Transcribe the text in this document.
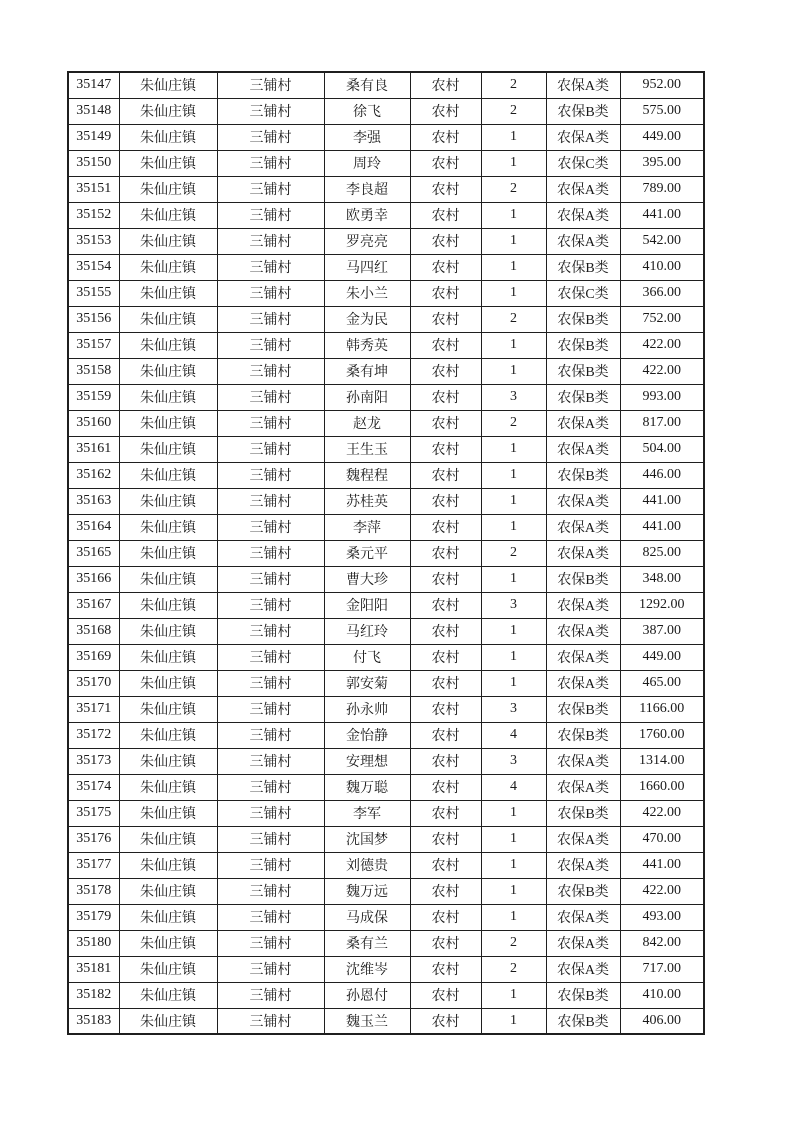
35147	朱仙庄镇	三铺村	桑有良	农村	2	农保A类	952.00
35148	朱仙庄镇	三铺村	徐飞	农村	2	农保B类	575.00
35149	朱仙庄镇	三铺村	李强	农村	1	农保A类	449.00
35150	朱仙庄镇	三铺村	周玲	农村	1	农保C类	395.00
35151	朱仙庄镇	三铺村	李良超	农村	2	农保A类	789.00
35152	朱仙庄镇	三铺村	欧勇幸	农村	1	农保A类	441.00
35153	朱仙庄镇	三铺村	罗亮亮	农村	1	农保A类	542.00
35154	朱仙庄镇	三铺村	马四红	农村	1	农保B类	410.00
35155	朱仙庄镇	三铺村	朱小兰	农村	1	农保C类	366.00
35156	朱仙庄镇	三铺村	金为民	农村	2	农保B类	752.00
35157	朱仙庄镇	三铺村	韩秀英	农村	1	农保B类	422.00
35158	朱仙庄镇	三铺村	桑有坤	农村	1	农保B类	422.00
35159	朱仙庄镇	三铺村	孙南阳	农村	3	农保B类	993.00
35160	朱仙庄镇	三铺村	赵龙	农村	2	农保A类	817.00
35161	朱仙庄镇	三铺村	王生玉	农村	1	农保A类	504.00
35162	朱仙庄镇	三铺村	魏程程	农村	1	农保B类	446.00
35163	朱仙庄镇	三铺村	苏桂英	农村	1	农保A类	441.00
35164	朱仙庄镇	三铺村	李萍	农村	1	农保A类	441.00
35165	朱仙庄镇	三铺村	桑元平	农村	2	农保A类	825.00
35166	朱仙庄镇	三铺村	曹大珍	农村	1	农保B类	348.00
35167	朱仙庄镇	三铺村	金阳阳	农村	3	农保A类	1292.00
35168	朱仙庄镇	三铺村	马红玲	农村	1	农保A类	387.00
35169	朱仙庄镇	三铺村	付飞	农村	1	农保A类	449.00
35170	朱仙庄镇	三铺村	郭安菊	农村	1	农保A类	465.00
35171	朱仙庄镇	三铺村	孙永帅	农村	3	农保B类	1166.00
35172	朱仙庄镇	三铺村	金怡静	农村	4	农保B类	1760.00
35173	朱仙庄镇	三铺村	安理想	农村	3	农保A类	1314.00
35174	朱仙庄镇	三铺村	魏万聪	农村	4	农保A类	1660.00
35175	朱仙庄镇	三铺村	李军	农村	1	农保B类	422.00
35176	朱仙庄镇	三铺村	沈国梦	农村	1	农保A类	470.00
35177	朱仙庄镇	三铺村	刘德贵	农村	1	农保A类	441.00
35178	朱仙庄镇	三铺村	魏万远	农村	1	农保B类	422.00
35179	朱仙庄镇	三铺村	马成保	农村	1	农保A类	493.00
35180	朱仙庄镇	三铺村	桑有兰	农村	2	农保A类	842.00
35181	朱仙庄镇	三铺村	沈维岑	农村	2	农保A类	717.00
35182	朱仙庄镇	三铺村	孙恩付	农村	1	农保B类	410.00
35183	朱仙庄镇	三铺村	魏玉兰	农村	1	农保B类	406.00
